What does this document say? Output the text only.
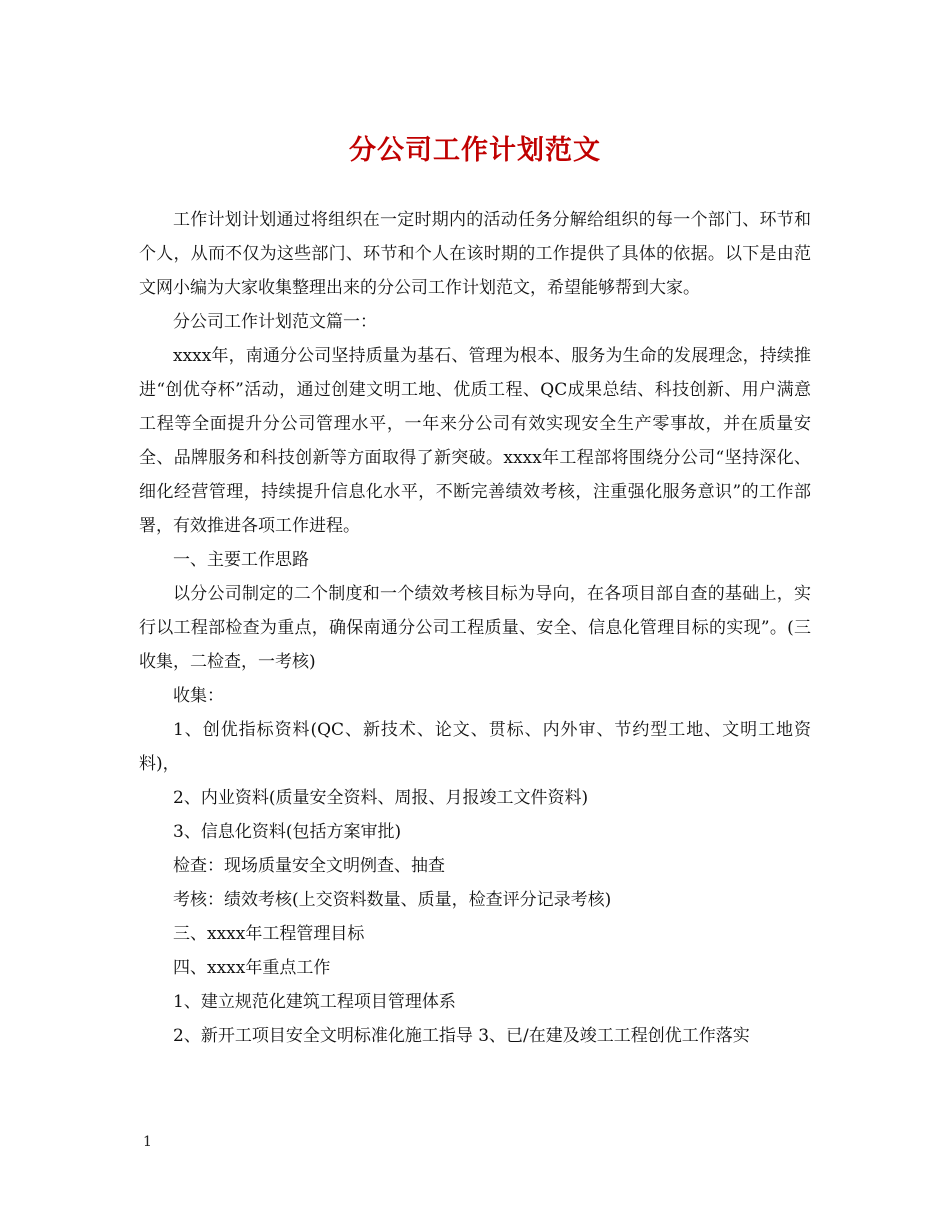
分公司工作计划范文

工作计划计划通过将组织在一定时期内的活动任务分解给组织的每一个部门、环节和个人，从而不仅为这些部门、环节和个人在该时期的工作提供了具体的依据。以下是由范文网小编为大家收集整理出来的分公司工作计划范文，希望能够帮到大家。

分公司工作计划范文篇一：

xxxx年，南通分公司坚持质量为基石、管理为根本、服务为生命的发展理念，持续推进“创优夺杯”活动，通过创建文明工地、优质工程、QC成果总结、科技创新、用户满意工程等全面提升分公司管理水平，一年来分公司有效实现安全生产零事故，并在质量安全、品牌服务和科技创新等方面取得了新突破。xxxx年工程部将围绕分公司“坚持深化、细化经营管理，持续提升信息化水平，不断完善绩效考核，注重强化服务意识”的工作部署，有效推进各项工作进程。

一、主要工作思路

以分公司制定的二个制度和一个绩效考核目标为导向，在各项目部自查的基础上，实行以工程部检查为重点，确保南通分公司工程质量、安全、信息化管理目标的实现”。(三收集，二检查，一考核)

收集：

1、创优指标资料(QC、新技术、论文、贯标、内外审、节约型工地、文明工地资料)，

2、内业资料(质量安全资料、周报、月报竣工文件资料)

3、信息化资料(包括方案审批)

检查：现场质量安全文明例查、抽查

考核：绩效考核(上交资料数量、质量，检查评分记录考核)

三、xxxx年工程管理目标

四、xxxx年重点工作

1、建立规范化建筑工程项目管理体系

2、新开工项目安全文明标准化施工指导 3、已/在建及竣工工程创优工作落实

1
